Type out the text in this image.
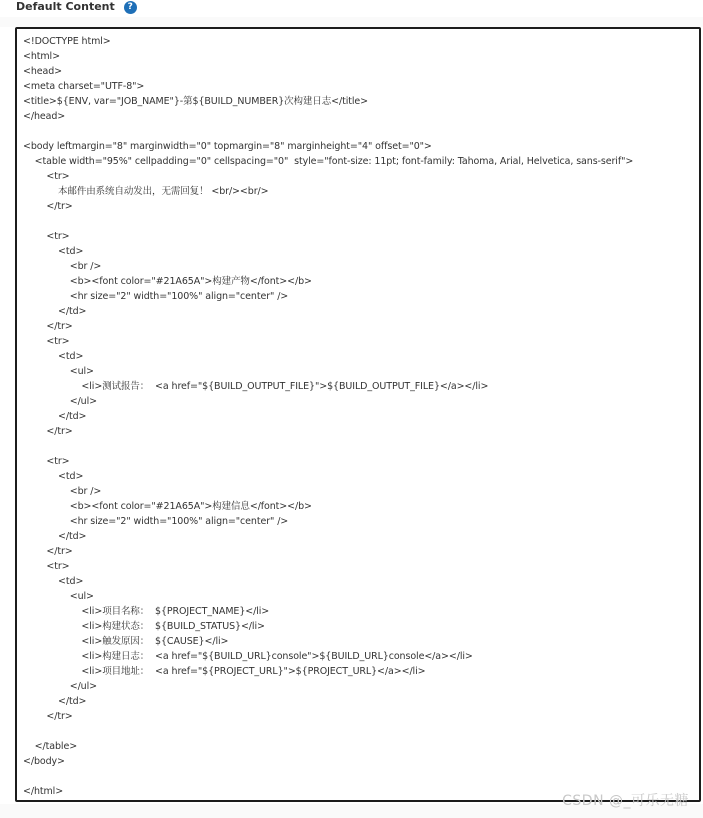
Default Content	?
<!DOCTYPE html>
<html>
<head>
<meta charset="UTF-8">
<title>${ENV, var="JOB_NAME"}-第${BUILD_NUMBER}次构建日志</title>
</head>
<body leftmargin="8" marginwidth="0" topmargin="8" marginheight="4" offset="0">
<table width="95%" cellpadding="0" cellspacing="0"  style="font-size: 11pt; font-family: Tahoma, Arial, Helvetica, sans-serif">
<tr>
本邮件由系统自动发出，无需回复！ <br/><br/>
</tr>
<tr>
<td>
<br />
<b><font color="#21A65A">构建产物</font></b>
<hr size="2" width="100%" align="center" />
</td>
</tr>
<tr>
<td>
<ul>
<li>测试报告：  <a href="${BUILD_OUTPUT_FILE}">${BUILD_OUTPUT_FILE}</a></li>
</ul>
</td>
</tr>
<tr>
<td>
<br />
<b><font color="#21A65A">构建信息</font></b>
<hr size="2" width="100%" align="center" />
</td>
</tr>
<tr>
<td>
<ul>
<li>项目名称：  ${PROJECT_NAME}</li>
<li>构建状态：  ${BUILD_STATUS}</li>
<li>触发原因：  ${CAUSE}</li>
<li>构建日志：  <a href="${BUILD_URL}console">${BUILD_URL}console</a></li>
<li>项目地址：  <a href="${PROJECT_URL}">${PROJECT_URL}</a></li>
</ul>
</td>
</tr>
</table>
</body>
</html>
CSDN @_可乐无糖
